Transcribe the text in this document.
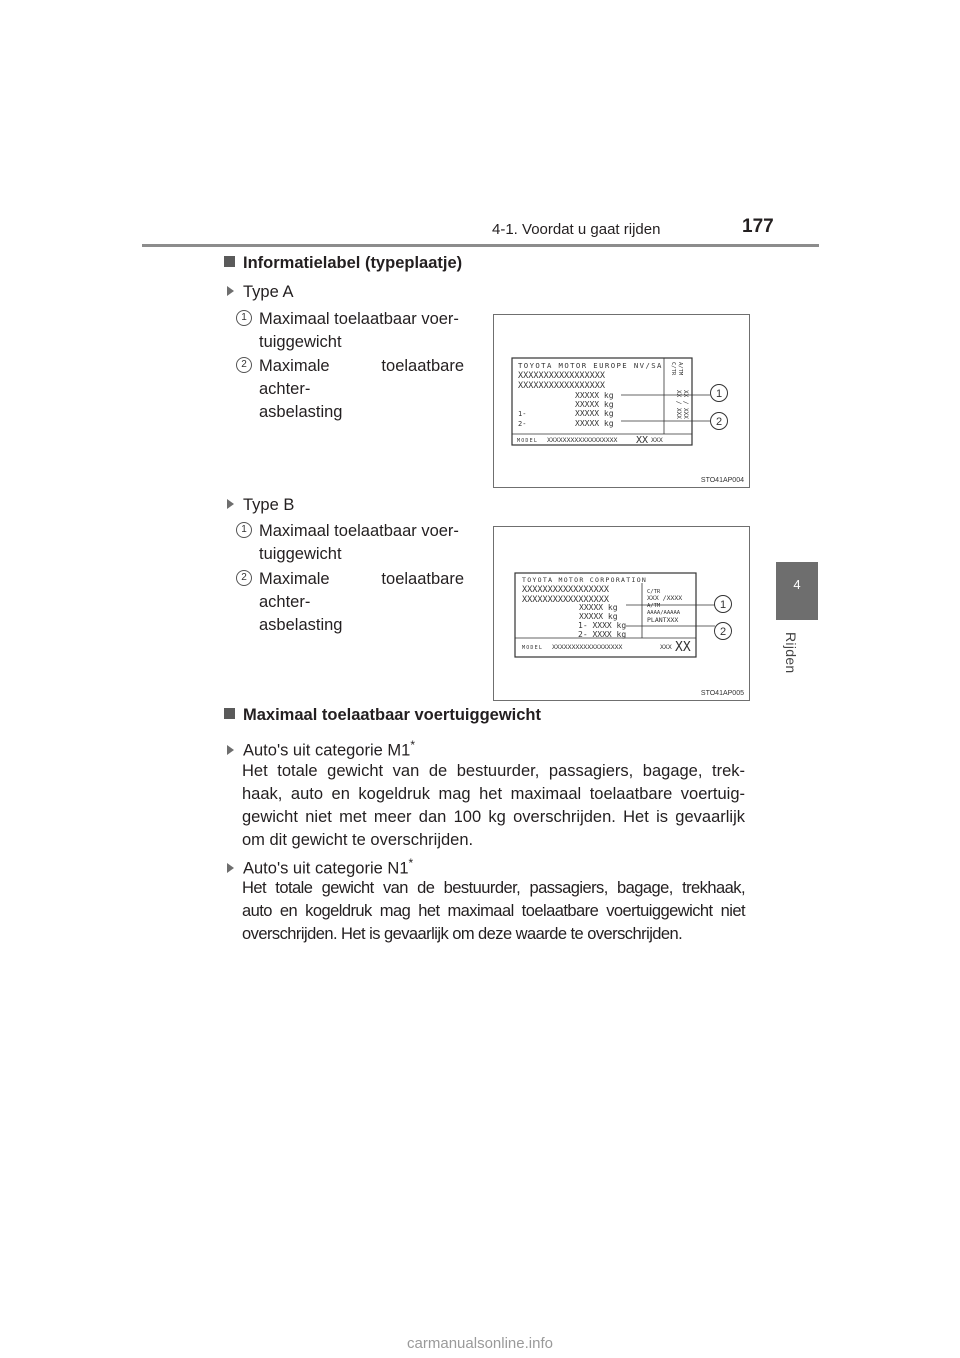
4-1. Voordat u gaat rijden	177
4
Rijden
Informatielabel (typeplaatje)
Type A
1 Maximaal toelaatbaar voer-
tuiggewicht
2 Maximale toelaatbare achter-
asbelasting
TOYOTA MOTOR EUROPE NV/SA
XXXXXXXXXXXXXXXXX
XXXXXXXXXXXXXXXXX
XXXXX kg
XXXXX kg
1-	XXXXX kg
2-	XXXXX kg
MODEL XXXXXXXXXXXXXXXXXX XX XXX
C/TR A/TM
XX / XXX
XX / XXX	1
2
STO41AP004
Type B
1 Maximaal toelaatbaar voer-
tuiggewicht
2 Maximale toelaatbare achter-
asbelasting
TOYOTA MOTOR CORPORATION
XXXXXXXXXXXXXXXXX
XXXXXXXXXXXXXXXXX
XXXXX kg
XXXXX kg
1- XXXX kg
2- XXXX kg
C/TR
XXX /XXXX
A/TM
AAAA/AAAAA
PLANTXXX
MODEL XXXXXXXXXXXXXXXXXX	XXX XX
1
2
STO41AP005
Maximaal toelaatbaar voertuiggewicht
Auto's uit categorie M1*
Het totale gewicht van de bestuurder, passagiers, bagage, trek-
haak, auto en kogeldruk mag het maximaal toelaatbare voertuig-
gewicht niet met meer dan 100 kg overschrijden. Het is gevaarlijk
om dit gewicht te overschrijden.
Auto's uit categorie N1*
Het totale gewicht van de bestuurder, passagiers, bagage, trekhaak,
auto en kogeldruk mag het maximaal toelaatbare voertuiggewicht niet
overschrijden. Het is gevaarlijk om deze waarde te overschrijden.
carmanualsonline.info
